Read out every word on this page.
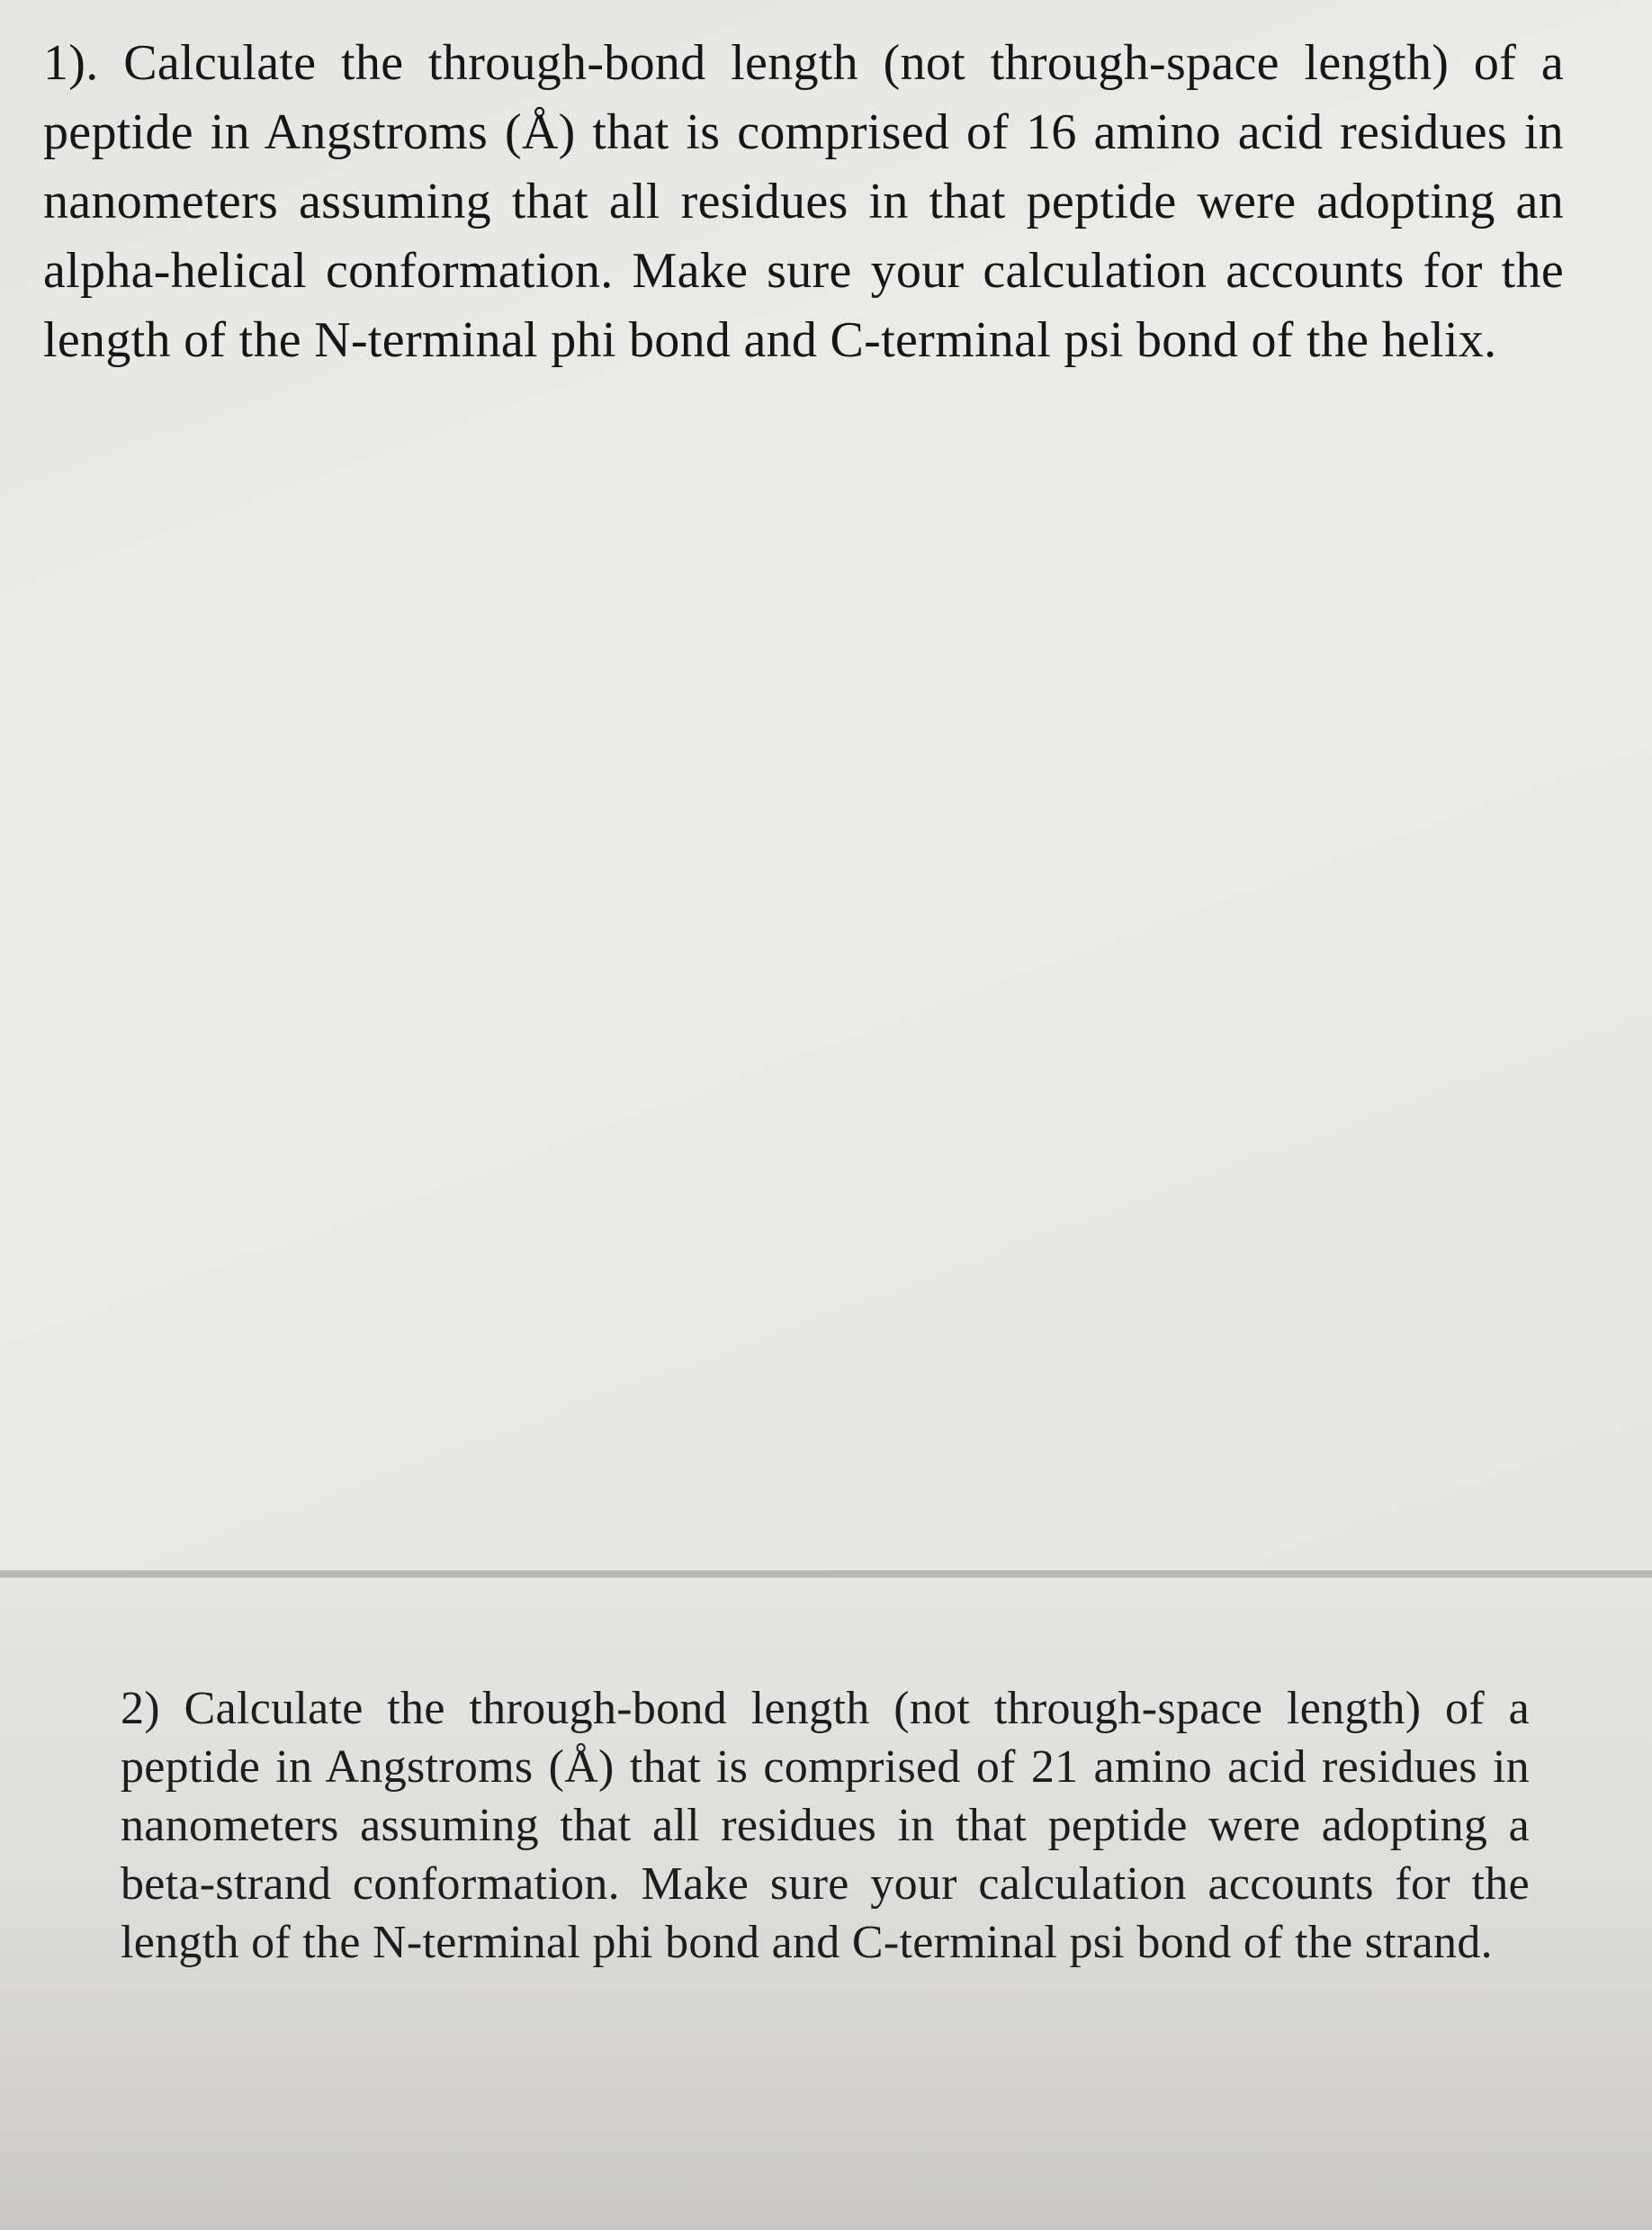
1). Calculate the through-bond length (not through-space length) of a peptide in Angstroms (Å) that is comprised of 16 amino acid residues in nanometers assuming that all residues in that peptide were adopting an alpha-helical conformation. Make sure your calculation accounts for the length of the N-terminal phi bond and C-terminal psi bond of the helix.

2) Calculate the through-bond length (not through-space length) of a peptide in Angstroms (Å) that is comprised of 21 amino acid residues in nanometers assuming that all residues in that peptide were adopting a beta-strand conformation. Make sure your calculation accounts for the length of the N-terminal phi bond and C-terminal psi bond of the strand.
